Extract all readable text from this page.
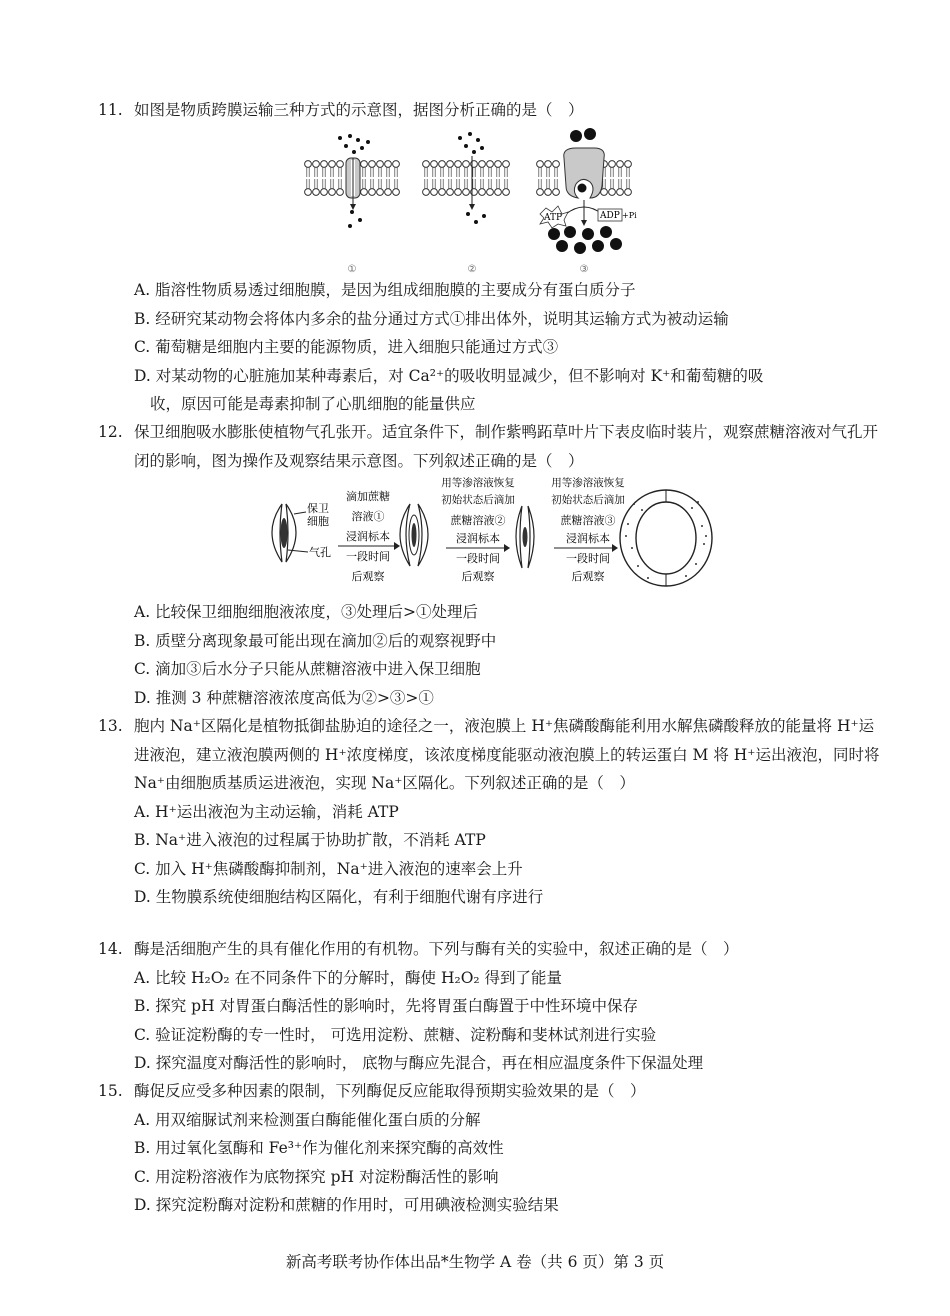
11. 如图是物质跨膜运输三种方式的示意图，据图分析正确的是（　）
ATP	ADP +Pi
①	②	③
A. 脂溶性物质易透过细胞膜，是因为组成细胞膜的主要成分有蛋白质分子
B. 经研究某动物会将体内多余的盐分通过方式①排出体外，说明其运输方式为被动运输
C. 葡萄糖是细胞内主要的能源物质，进入细胞只能通过方式③
D. 对某动物的心脏施加某种毒素后，对 Ca²⁺的吸收明显减少，但不影响对 K⁺和葡萄糖的吸
收，原因可能是毒素抑制了心肌细胞的能量供应
12. 保卫细胞吸水膨胀使植物气孔张开。适宜条件下，制作紫鸭跖草叶片下表皮临时装片，观察蔗糖溶液对气孔开闭的影响，图为操作及观察结果示意图。下列叙述正确的是（　）
保卫
细胞
气孔
滴加蔗糖
溶液①
浸润标本
一段时间
后观察
用等渗溶液恢复
初始状态后滴加
蔗糖溶液②
浸润标本
一段时间
后观察
用等渗溶液恢复
初始状态后滴加
蔗糖溶液③
浸润标本
一段时间
后观察
A. 比较保卫细胞细胞液浓度，③处理后>①处理后
B. 质壁分离现象最可能出现在滴加②后的观察视野中
C. 滴加③后水分子只能从蔗糖溶液中进入保卫细胞
D. 推测 3 种蔗糖溶液浓度高低为②>③>①
13. 胞内 Na⁺区隔化是植物抵御盐胁迫的途径之一，液泡膜上 H⁺焦磷酸酶能利用水解焦磷酸释放的能量将 H⁺运进液泡，建立液泡膜两侧的 H⁺浓度梯度，该浓度梯度能驱动液泡膜上的转运蛋白 M 将 H⁺运出液泡，同时将 Na⁺由细胞质基质运进液泡，实现 Na⁺区隔化。下列叙述正确的是（　）
A. H⁺运出液泡为主动运输，消耗 ATP
B. Na⁺进入液泡的过程属于协助扩散，不消耗 ATP
C. 加入 H⁺焦磷酸酶抑制剂，Na⁺进入液泡的速率会上升
D. 生物膜系统使细胞结构区隔化，有利于细胞代谢有序进行
14. 酶是活细胞产生的具有催化作用的有机物。下列与酶有关的实验中，叙述正确的是（　）
A. 比较 H₂O₂ 在不同条件下的分解时，酶使 H₂O₂ 得到了能量
B. 探究 pH 对胃蛋白酶活性的影响时，先将胃蛋白酶置于中性环境中保存
C. 验证淀粉酶的专一性时， 可选用淀粉、蔗糖、淀粉酶和斐林试剂进行实验
D. 探究温度对酶活性的影响时， 底物与酶应先混合，再在相应温度条件下保温处理
15. 酶促反应受多种因素的限制，下列酶促反应能取得预期实验效果的是（　）
A. 用双缩脲试剂来检测蛋白酶能催化蛋白质的分解
B. 用过氧化氢酶和 Fe³⁺作为催化剂来探究酶的高效性
C. 用淀粉溶液作为底物探究 pH 对淀粉酶活性的影响
D. 探究淀粉酶对淀粉和蔗糖的作用时，可用碘液检测实验结果
新高考联考协作体出品*生物学 A 卷（共 6 页）第 3 页
